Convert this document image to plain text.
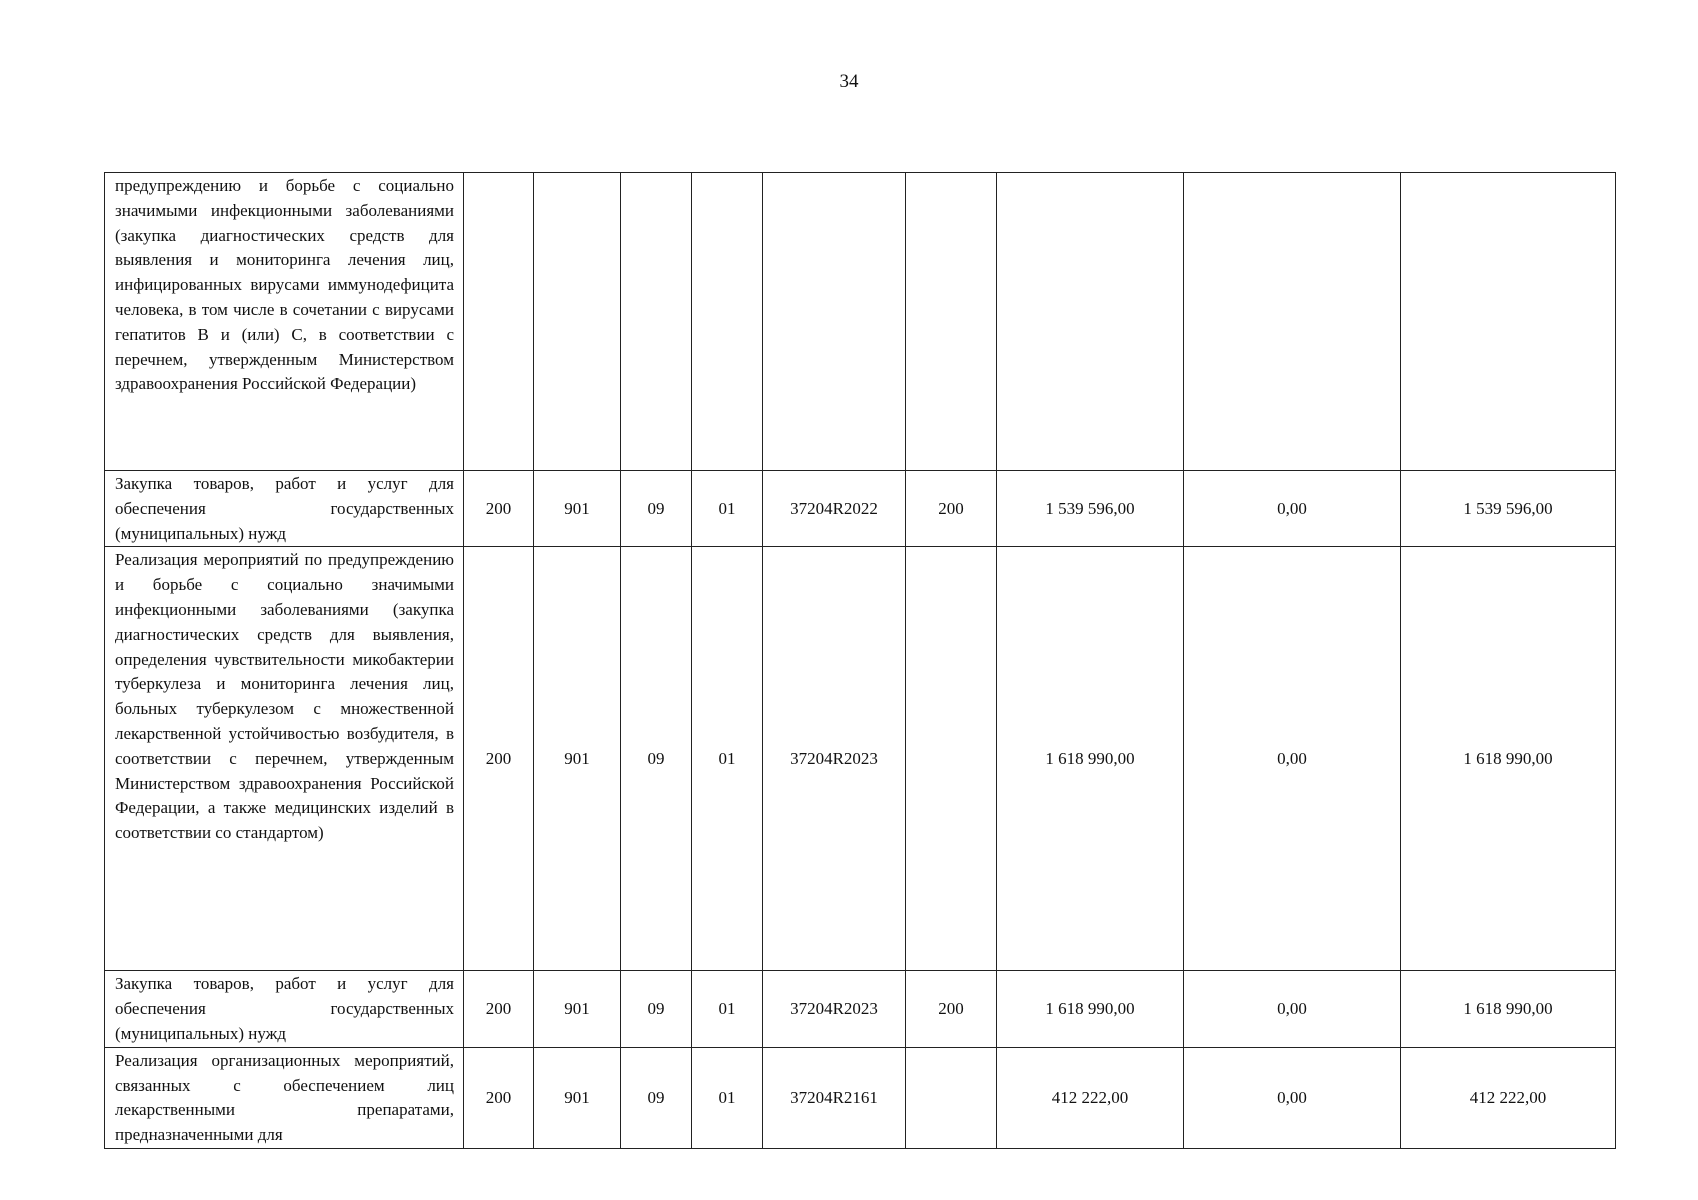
34
предупреждению и борьбе с социально значимыми инфекционными заболеваниями (закупка диагностических средств для выявления и мониторинга лечения лиц, инфицированных вирусами иммунодефицита человека, в том числе в сочетании с вирусами гепатитов В и (или) С, в соответствии с перечнем, утвержденным Министерством здравоохранения Российской Федерации)									
Закупка товаров, работ и услуг для обеспечения государственных (муниципальных) нужд	200	901	09	01	37204R2022	200	1 539 596,00	0,00	1 539 596,00
Реализация мероприятий по предупреждению и борьбе с социально значимыми инфекционными заболеваниями (закупка диагностических средств для выявления, определения чувствительности микобактерии туберкулеза и мониторинга лечения лиц, больных туберкулезом с множественной лекарственной устойчивостью возбудителя, в соответствии с перечнем, утвержденным Министерством здравоохранения Российской Федерации, а также медицинских изделий в соответствии со стандартом)	200	901	09	01	37204R2023		1 618 990,00	0,00	1 618 990,00
Закупка товаров, работ и услуг для обеспечения государственных (муниципальных) нужд	200	901	09	01	37204R2023	200	1 618 990,00	0,00	1 618 990,00
Реализация организационных мероприятий, связанных с обеспечением лиц лекарственными препаратами, предназначенными для	200	901	09	01	37204R2161		412 222,00	0,00	412 222,00
